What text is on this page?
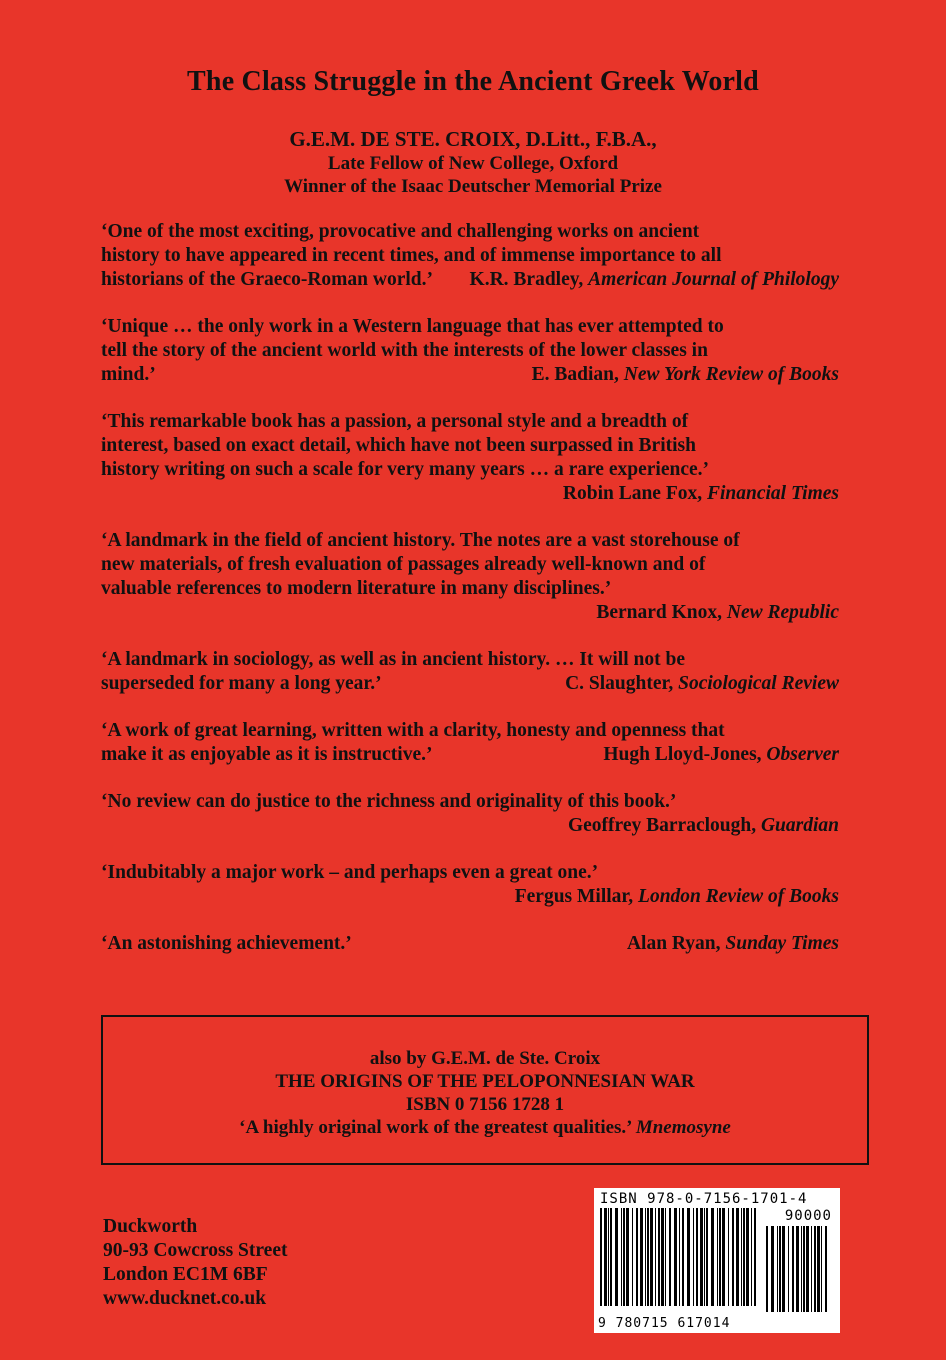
The Class Struggle in the Ancient Greek World
G.E.M. DE STE. CROIX, D.Litt., F.B.A.,
Late Fellow of New College, Oxford
Winner of the Isaac Deutscher Memorial Prize
‘One of the most exciting, provocative and challenging works on ancient
history to have appeared in recent times, and of immense importance to all
historians of the Graeco-Roman world.’	K.R. Bradley, American Journal of Philology
‘Unique … the only work in a Western language that has ever attempted to
tell the story of the ancient world with the interests of the lower classes in
mind.’	E. Badian, New York Review of Books
‘This remarkable book has a passion, a personal style and a breadth of
interest, based on exact detail, which have not been surpassed in British
history writing on such a scale for very many years … a rare experience.’
Robin Lane Fox, Financial Times
‘A landmark in the field of ancient history. The notes are a vast storehouse of
new materials, of fresh evaluation of passages already well-known and of
valuable references to modern literature in many disciplines.’
Bernard Knox, New Republic
‘A landmark in sociology, as well as in ancient history. … It will not be
superseded for many a long year.’	C. Slaughter, Sociological Review
‘A work of great learning, written with a clarity, honesty and openness that
make it as enjoyable as it is instructive.’	Hugh Lloyd-Jones, Observer
‘No review can do justice to the richness and originality of this book.’
Geoffrey Barraclough, Guardian
‘Indubitably a major work – and perhaps even a great one.’
Fergus Millar, London Review of Books
‘An astonishing achievement.’	Alan Ryan, Sunday Times
also by G.E.M. de Ste. Croix
THE ORIGINS OF THE PELOPONNESIAN WAR
ISBN 0 7156 1728 1
‘A highly original work of the greatest qualities.’ Mnemosyne
Duckworth
90-93 Cowcross Street
London EC1M 6BF
www.ducknet.co.uk
ISBN 978-0-7156-1701-4
90000
9 780715 617014
